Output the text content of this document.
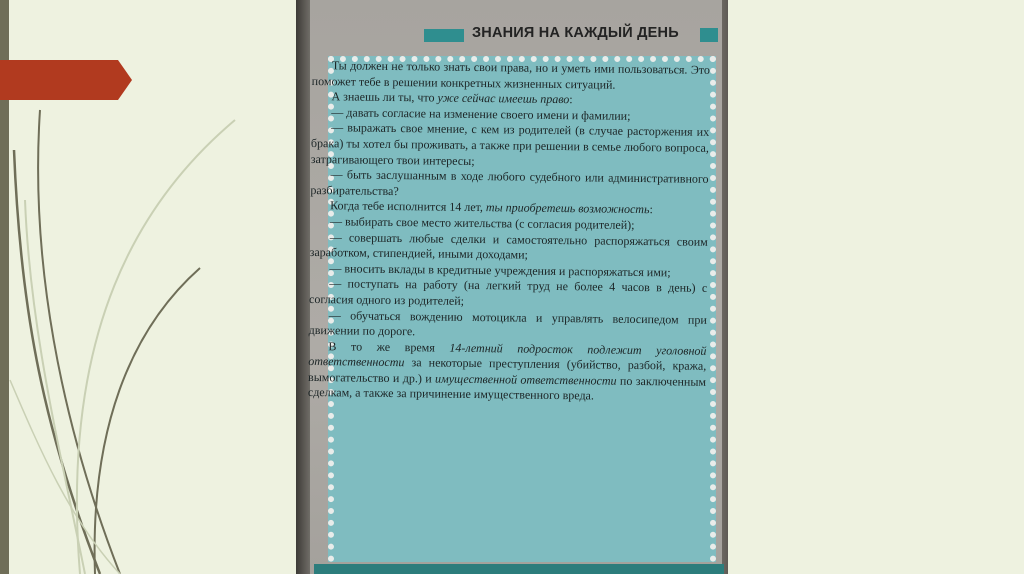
ЗНАНИЯ НА КАЖДЫЙ ДЕНЬ

Ты должен не только знать свои права, но и уметь ими пользоваться. Это поможет тебе в решении конкретных жизненных ситуаций.

А знаешь ли ты, что уже сейчас имеешь право:

— давать согласие на изменение своего имени и фамилии;

— выражать свое мнение, с кем из родителей (в случае расторжения их брака) ты хотел бы проживать, а также при решении в семье любого вопроса, затрагивающего твои интересы;

— быть заслушанным в ходе любого судебного или административного разбирательства?

Когда тебе исполнится 14 лет, ты приобретешь возможность:

— выбирать свое место жительства (с согласия родителей);

— совершать любые сделки и самостоятельно распоряжаться своим заработком, стипендией, иными доходами;

— вносить вклады в кредитные учреждения и распоряжаться ими;

— поступать на работу (на легкий труд не более 4 часов в день) с согласия одного из родителей;

— обучаться вождению мотоцикла и управлять велосипедом при движении по дороге.

В то же время 14-летний подросток подлежит уголовной ответственности за некоторые преступления (убийство, разбой, кража, вымогательство и др.) и имущественной ответственности по заключенным сделкам, а также за причинение имущественного вреда.
